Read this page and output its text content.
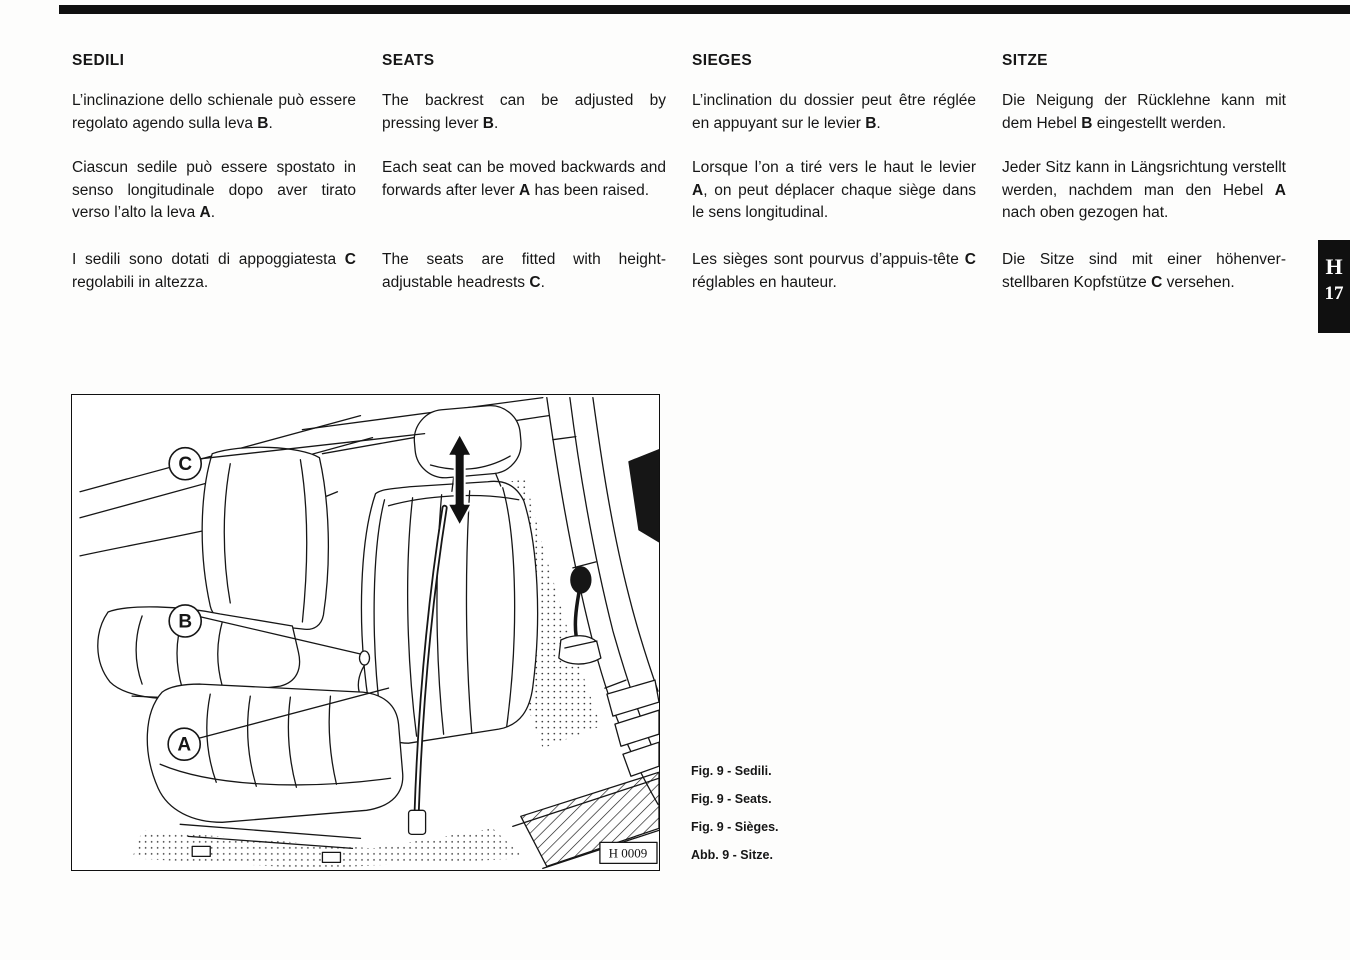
SEDILI

L’inclinazione dello schienale può essere regolato agendo sulla leva B.

Ciascun sedile può essere spostato in senso longitudinale dopo aver tirato verso l’alto la leva A.

I sedili sono dotati di appoggiatesta C regolabili in altezza.

SEATS

The backrest can be adjusted by pressing lever B.

Each seat can be moved backwards and forwards after lever A has been raised.

The seats are fitted with height-adjustable headrests C.

SIEGES

L’inclination du dossier peut être réglée en appuyant sur le levier B.

Lorsque l’on a tiré vers le haut le levier A, on peut déplacer chaque siège dans le sens longitudinal.

Les sièges sont pourvus d’appuis-tête C réglables en hauteur.

SITZE

Die Neigung der Rücklehne kann mit dem Hebel B eingestellt werden.

Jeder Sitz kann in Längsrichtung verstellt werden, nachdem man den Hebel A nach oben gezogen hat.

Die Sitze sind mit einer höhenverstellbaren Kopfstütze C versehen.

H
17
C
B
A
H 0009
Fig. 9 - Sedili.
Fig. 9 - Seats.
Fig. 9 - Sièges.
Abb. 9 - Sitze.
